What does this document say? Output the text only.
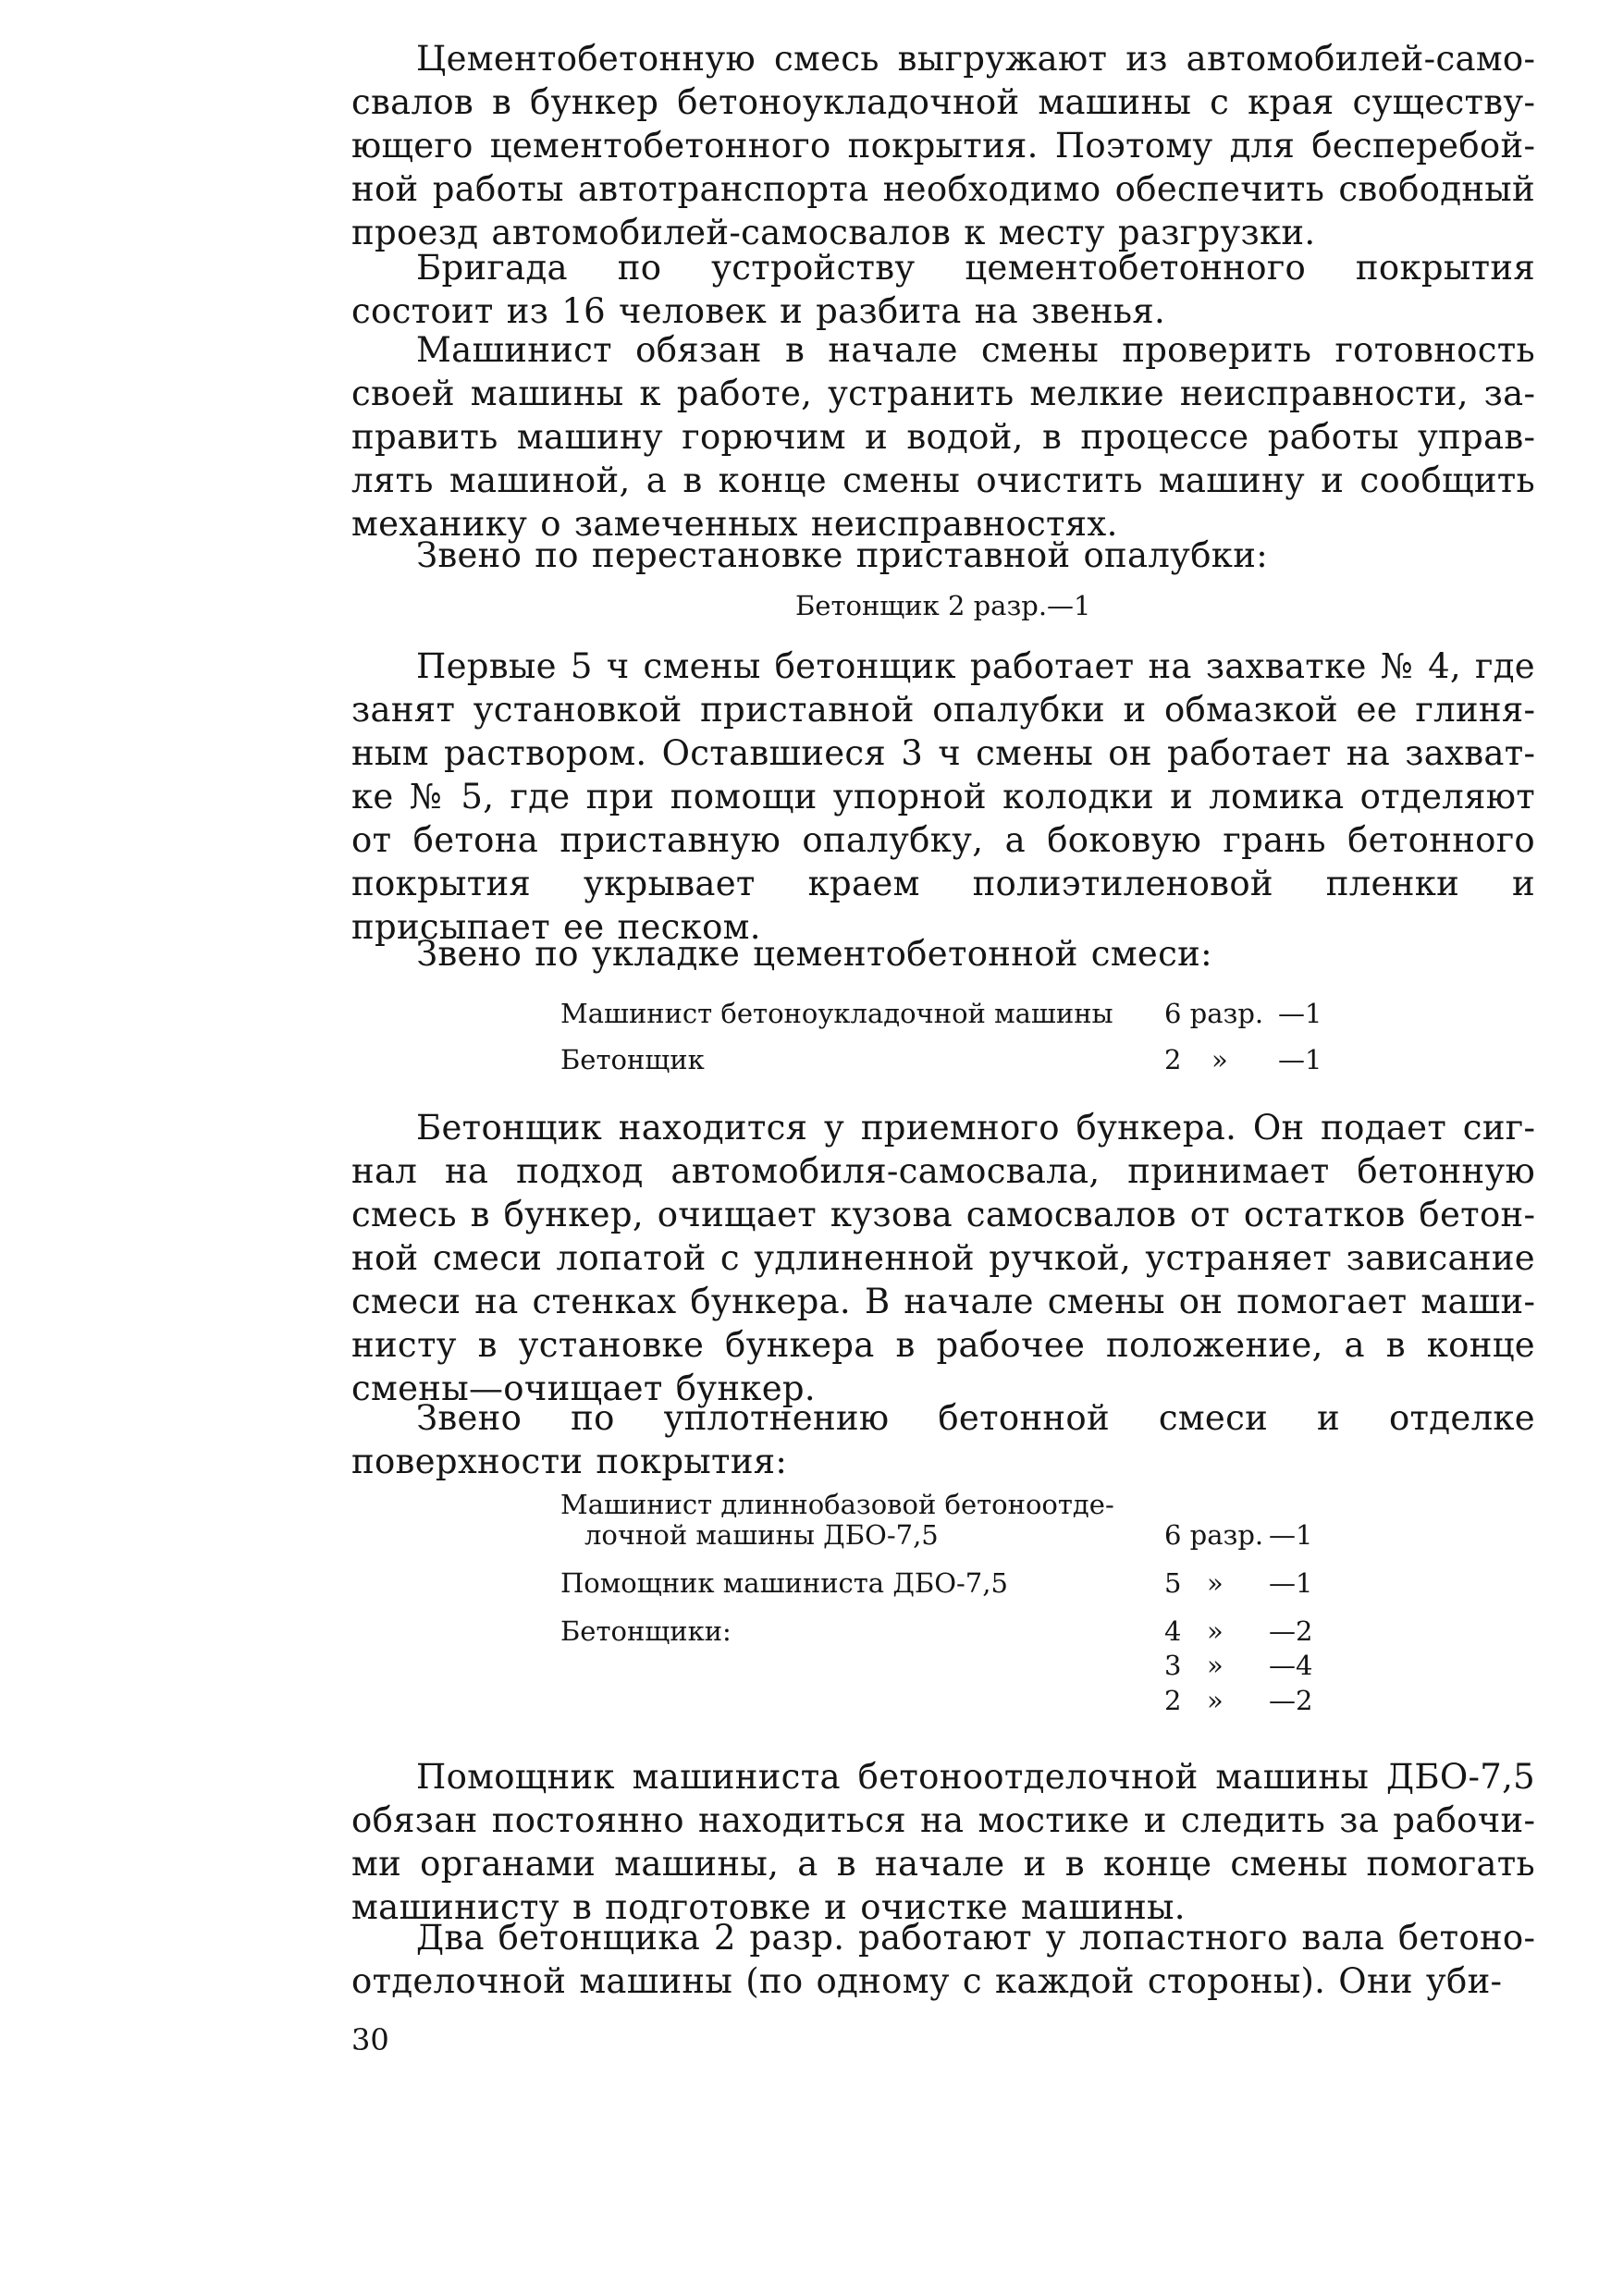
Цементобетонную смесь выгружают из автомобилей-самосвалов в бункер бетоноукладочной машины с края существующего цементобетонного покрытия. Поэтому для бесперебойной работы автотранспорта необходимо обеспечить свободный проезд автомобилей-самосвалов к месту разгрузки.

Бригада по устройству цементобетонного покрытия состоит из 16 человек и разбита на звенья.

Машинист обязан в начале смены проверить готовность своей машины к работе, устранить мелкие неисправности, заправить машину горючим и водой, в процессе работы управлять машиной, а в конце смены очистить машину и сообщить механику о замеченных неисправностях.

Звено по перестановке приставной опалубки:

Бетонщик 2 разр.—1

Первые 5 ч смены бетонщик работает на захватке № 4, где занят установкой приставной опалубки и обмазкой ее глиняным раствором. Оставшиеся 3 ч смены он работает на захватке № 5, где при помощи упорной колодки и ломика отделяют от бетона приставную опалубку, а боковую грань бетонного покрытия укрывает краем полиэтиленовой пленки и присыпает ее песком.

Звено по укладке цементобетонной смеси:

Машинист бетоноукладочной машины 6 разр. —1
Бетонщик	2 » —1

Бетонщик находится у приемного бункера. Он подает сигнал на подход автомобиля-самосвала, принимает бетонную смесь в бункер, очищает кузова самосвалов от остатков бетонной смеси лопатой с удлиненной ручкой, устраняет зависание смеси на стенках бункера. В начале смены он помогает машинисту в установке бункера в рабочее положение, а в конце смены—очищает бункер.

Звено по уплотнению бетонной смеси и отделке поверхности покрытия:

Машинист длиннобазовой бетоноотде-
лочной машины ДБО-7,5	6 разр. —1
Помощник машиниста ДБО-7,5	5 » —1
Бетонщики:	4 » —2
3 » —4
2 » —2

Помощник машиниста бетоноотделочной машины ДБО-7,5 обязан постоянно находиться на мостике и следить за рабочими органами машины, а в начале и в конце смены помогать машинисту в подготовке и очистке машины.

Два бетонщика 2 разр. работают у лопастного вала бетоноотделочной машины (по одному с каждой стороны). Они уби-

30
